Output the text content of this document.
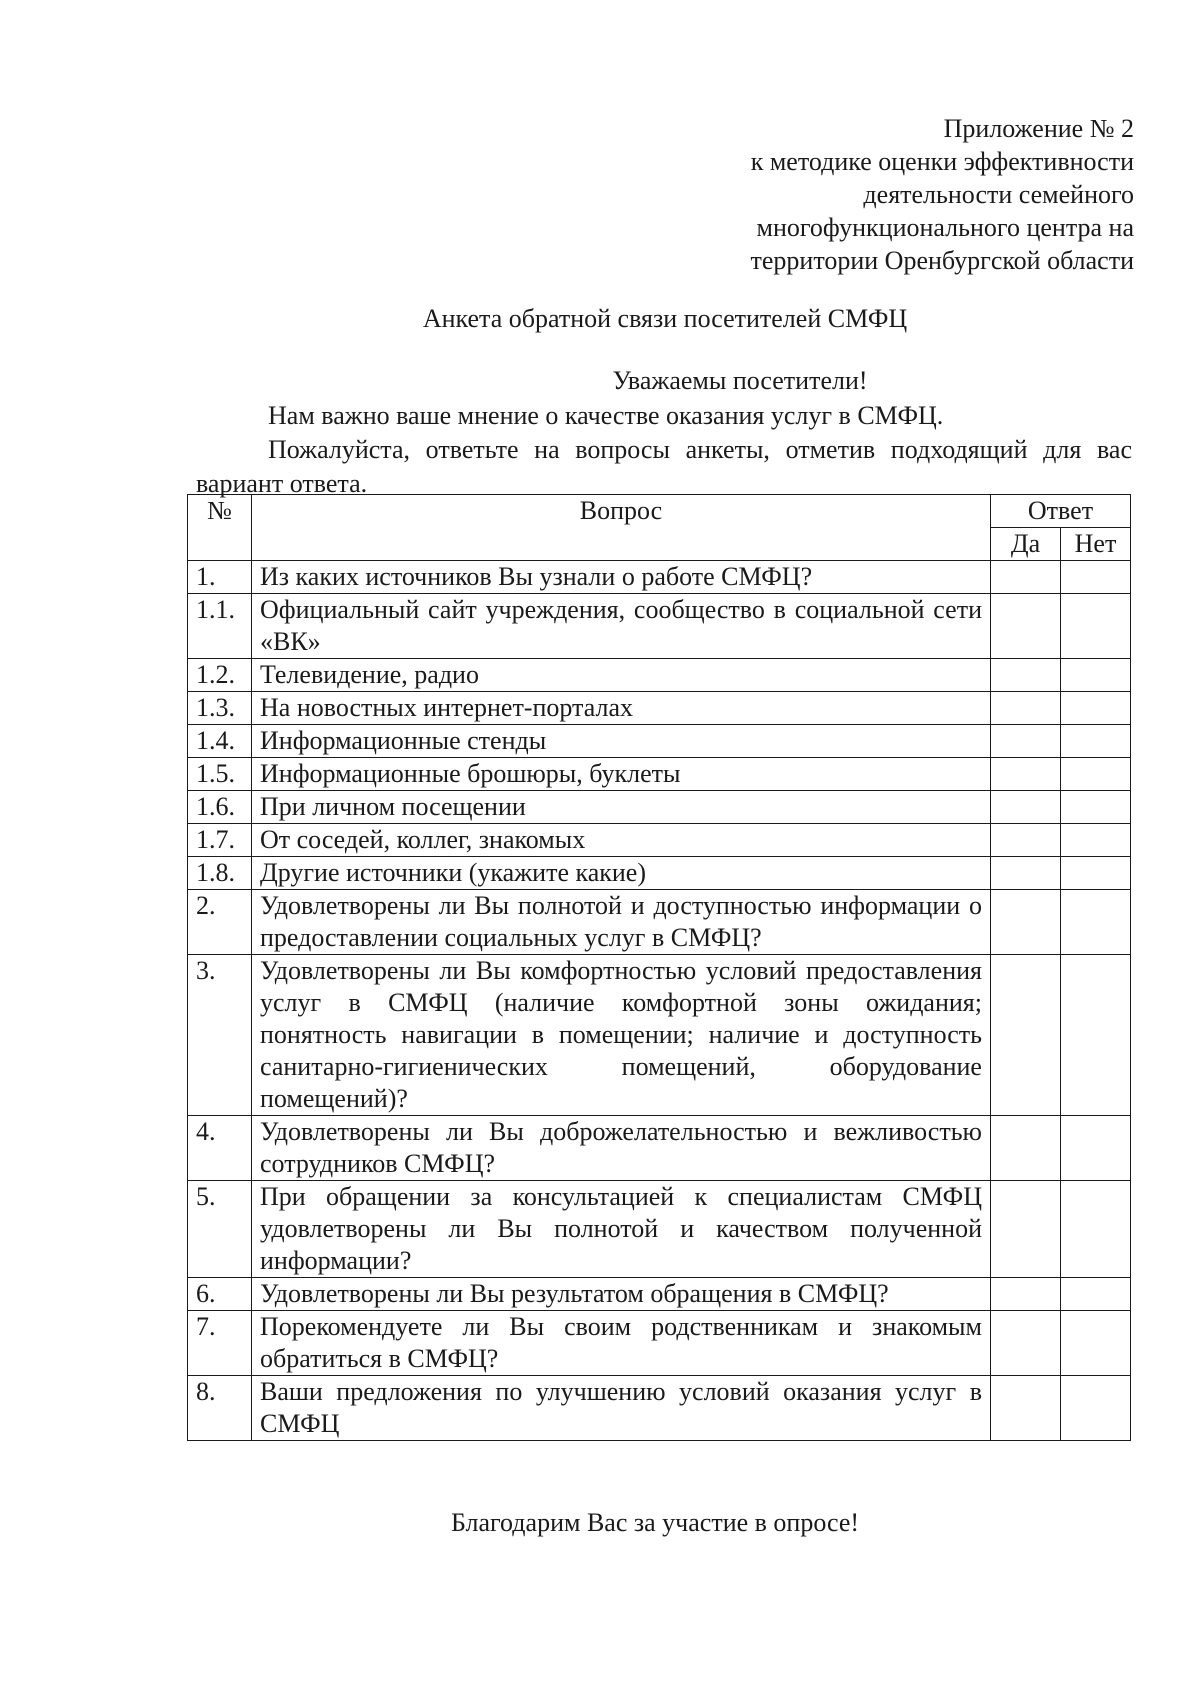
Приложение № 2
к методике оценки эффективности
деятельности семейного
многофункционального центра на
территории Оренбургской области
Анкета обратной связи посетителей СМФЦ
Уважаемы посетители!

Нам важно ваше мнение о качестве оказания услуг в СМФЦ.

Пожалуйста, ответьте на вопросы анкеты, отметив подходящий для вас вариант ответа.

№	Вопрос	Ответ	
		Да	Нет
1.	Из каких источников Вы узнали о работе СМФЦ?		
1.1.	Официальный сайт учреждения, сообщество в социальной сети «ВК»		
1.2.	Телевидение, радио		
1.3.	На новостных интернет-порталах		
1.4.	Информационные стенды		
1.5.	Информационные брошюры, буклеты		
1.6.	При личном посещении		
1.7.	От соседей, коллег, знакомых		
1.8.	Другие источники (укажите какие)		
2.	Удовлетворены ли Вы полнотой и доступностью информации о предоставлении социальных услуг в СМФЦ?		
3.	Удовлетворены ли Вы комфортностью условий предоставления услуг в СМФЦ (наличие комфортной зоны ожидания; понятность навигации в помещении; наличие и доступность санитарно-гигиенических помещений, оборудование помещений)?		
4.	Удовлетворены ли Вы доброжелательностью и вежливостью сотрудников СМФЦ?		
5.	При обращении за консультацией к специалистам СМФЦ удовлетворены ли Вы полнотой и качеством полученной информации?		
6.	Удовлетворены ли Вы результатом обращения в СМФЦ?		
7.	Порекомендуете ли Вы своим родственникам и знакомым обратиться в СМФЦ?		
8.	Ваши предложения по улучшению условий оказания услуг в СМФЦ		
Благодарим Вас за участие в опросе!
